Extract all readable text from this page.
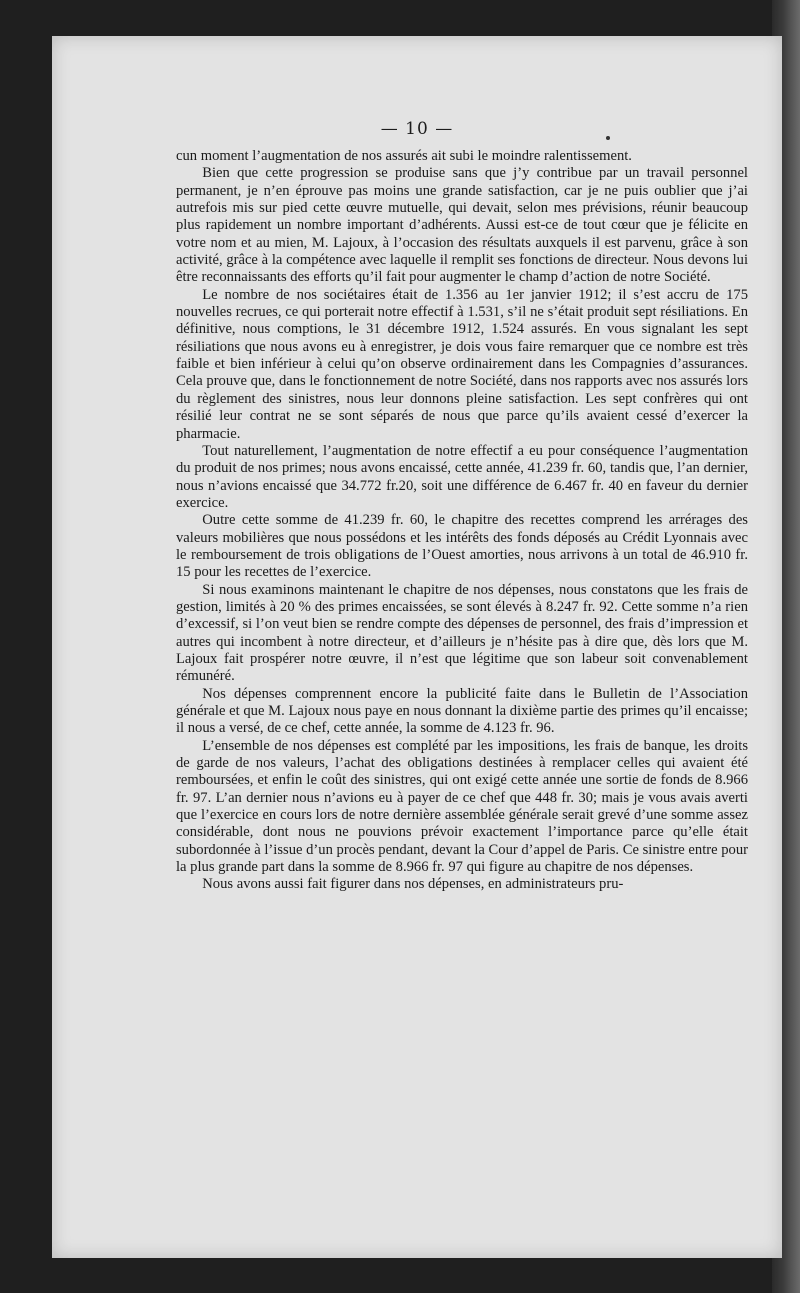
— 10 —

cun moment l’augmentation de nos assurés ait subi le moindre ralentissement.

Bien que cette progression se produise sans que j’y contribue par un travail personnel permanent, je n’en éprouve pas moins une grande satisfaction, car je ne puis oublier que j’ai autrefois mis sur pied cette œuvre mutuelle, qui devait, selon mes prévisions, réunir beaucoup plus rapidement un nombre important d’adhérents. Aussi est-ce de tout cœur que je félicite en votre nom et au mien, M. Lajoux, à l’occasion des résultats auxquels il est parvenu, grâce à son activité, grâce à la compétence avec laquelle il remplit ses fonctions de directeur. Nous devons lui être reconnaissants des efforts qu’il fait pour augmenter le champ d’action de notre Société.

Le nombre de nos sociétaires était de 1.356 au 1er janvier 1912; il s’est accru de 175 nouvelles recrues, ce qui porterait notre effectif à 1.531, s’il ne s’était produit sept résiliations. En définitive, nous comptions, le 31 décembre 1912, 1.524 assurés. En vous signalant les sept résiliations que nous avons eu à enregistrer, je dois vous faire remarquer que ce nombre est très faible et bien inférieur à celui qu’on observe ordinairement dans les Compagnies d’assurances. Cela prouve que, dans le fonctionnement de notre Société, dans nos rapports avec nos assurés lors du règlement des sinistres, nous leur donnons pleine satisfaction. Les sept confrères qui ont résilié leur contrat ne se sont séparés de nous que parce qu’ils avaient cessé d’exercer la pharmacie.

Tout naturellement, l’augmentation de notre effectif a eu pour conséquence l’augmentation du produit de nos primes; nous avons encaissé, cette année, 41.239 fr. 60, tandis que, l’an dernier, nous n’avions encaissé que 34.772 fr.20, soit une différence de 6.467 fr. 40 en faveur du dernier exercice.

Outre cette somme de 41.239 fr. 60, le chapitre des recettes comprend les arrérages des valeurs mobilières que nous possédons et les intérêts des fonds déposés au Crédit Lyonnais avec le remboursement de trois obligations de l’Ouest amorties, nous arrivons à un total de 46.910 fr. 15 pour les recettes de l’exercice.

Si nous examinons maintenant le chapitre de nos dépenses, nous constatons que les frais de gestion, limités à 20 % des primes encaissées, se sont élevés à 8.247 fr. 92. Cette somme n’a rien d’excessif, si l’on veut bien se rendre compte des dépenses de personnel, des frais d’impression et autres qui incombent à notre directeur, et d’ailleurs je n’hésite pas à dire que, dès lors que M. Lajoux fait prospérer notre œuvre, il n’est que légitime que son labeur soit convenablement rémunéré.

Nos dépenses comprennent encore la publicité faite dans le Bulletin de l’Association générale et que M. Lajoux nous paye en nous donnant la dixième partie des primes qu’il encaisse; il nous a versé, de ce chef, cette année, la somme de 4.123 fr. 96.

L’ensemble de nos dépenses est complété par les impositions, les frais de banque, les droits de garde de nos valeurs, l’achat des obligations destinées à remplacer celles qui avaient été remboursées, et enfin le coût des sinistres, qui ont exigé cette année une sortie de fonds de 8.966 fr. 97. L’an dernier nous n’avions eu à payer de ce chef que 448 fr. 30; mais je vous avais averti que l’exercice en cours lors de notre dernière assemblée générale serait grevé d’une somme assez considérable, dont nous ne pouvions prévoir exactement l’importance parce qu’elle était subordonnée à l’issue d’un procès pendant, devant la Cour d’appel de Paris. Ce sinistre entre pour la plus grande part dans la somme de 8.966 fr. 97 qui figure au chapitre de nos dépenses.

Nous avons aussi fait figurer dans nos dépenses, en administrateurs pru-
